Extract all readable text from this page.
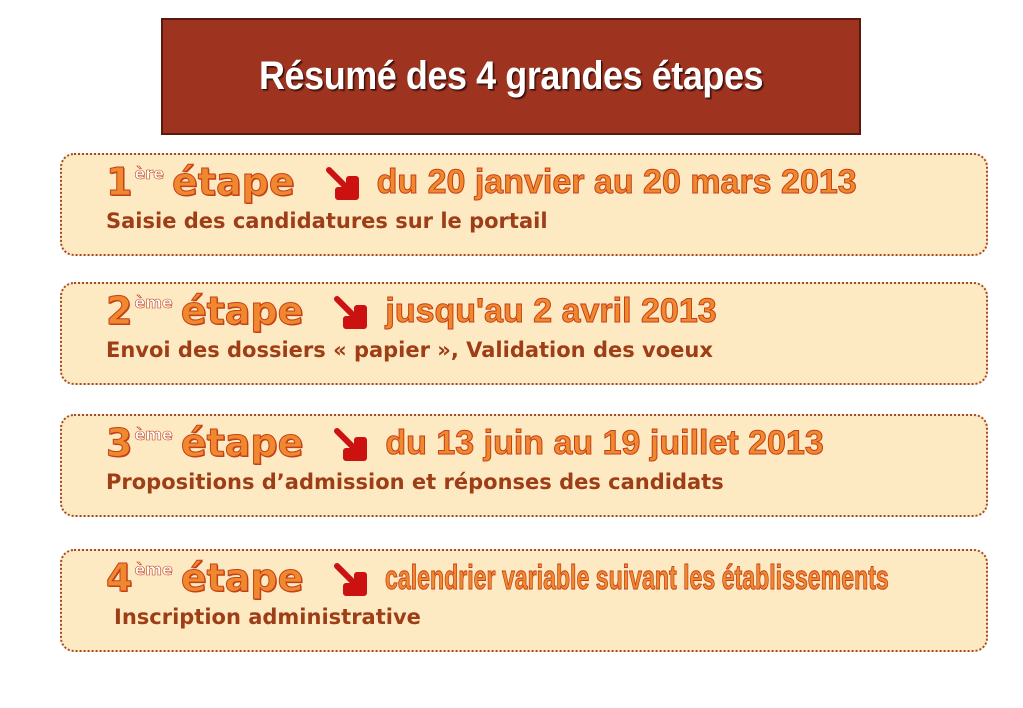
Résumé des 4 grandes étapes
1 ère étape du 20 janvier au 20 mars 2013
Saisie des candidatures sur le portail
2 ème étape jusqu'au 2 avril 2013
Envoi des dossiers « papier », Validation des voeux
3 ème étape du 13 juin au 19 juillet 2013
Propositions d’admission et réponses des candidats
4 ème étape calendrier variable suivant les établissements
Inscription administrative
